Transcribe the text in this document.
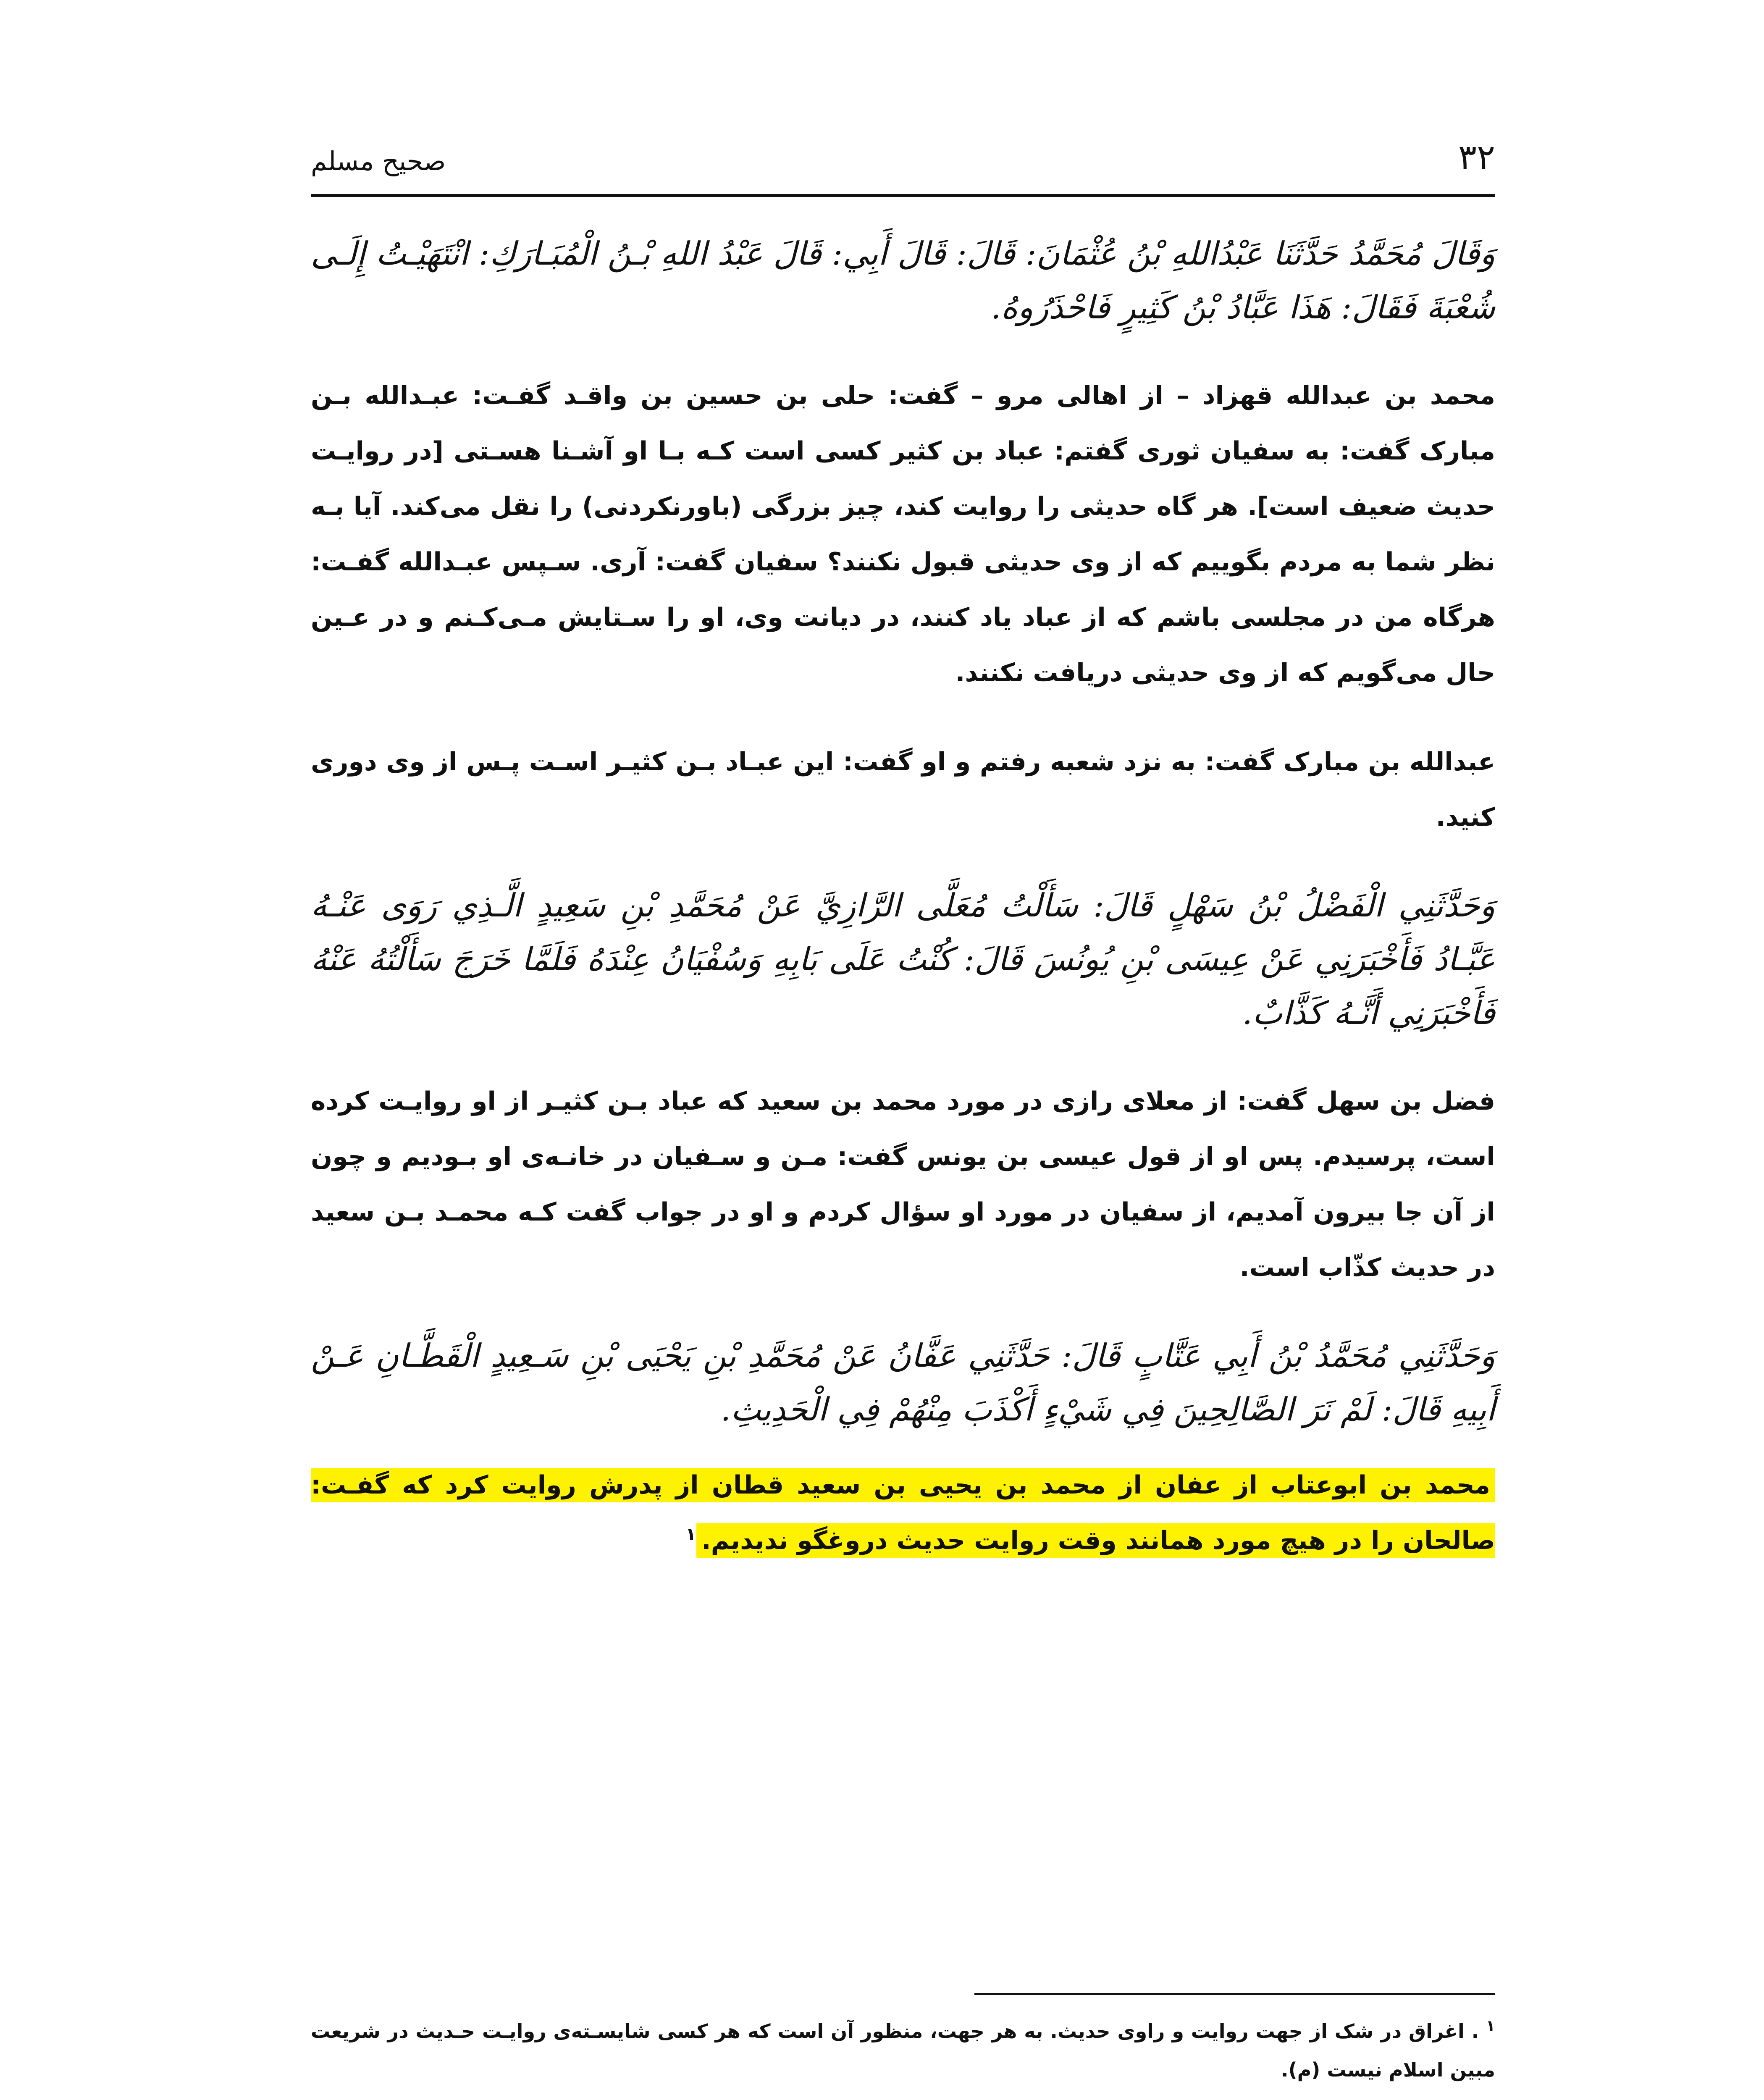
۳۲
صحیح مسلم

وَقَالَ مُحَمَّدُ حَدَّثَنَا عَبْدُاللهِ بْنُ عُثْمَانَ: قَالَ: قَالَ أَبِي: قَالَ عَبْدُ اللهِ بْـنُ الْمُبَـارَكِ: انْتَهَيْـتُ إِلَـى شُعْبَةَ فَقَالَ: هَذَا عَبَّادُ بْنُ كَثِيرٍ فَاحْذَرُوهُ.

محمد بن عبدالله قهزاد – از اهالی مرو – گفت: حلی بن حسین بن واقـد گفـت: عبـدالله بـن مبارک گفت: به سفیان ثوری گفتم: عباد بن کثیر کسی است کـه بـا او آشـنا هسـتی [در روایـت حدیث ضعیف است]. هر گاه حدیثی را روایت کند، چیز بزرگی (باورنکردنی) را نقل می‌کند. آیا بـه نظر شما به مردم بگوییم که از وی حدیثی قبول نکنند؟ سفیان گفت: آری. سـپس عبـدالله گفـت: هرگاه من در مجلسی باشم که از عباد یاد کنند، در دیانت وی، او را سـتایش مـی‌کـنم و در عـین حال می‌گویم که از وی حدیثی دریافت نکنند.

عبدالله بن مبارک گفت: به نزد شعبه رفتم و او گفت: این عبـاد بـن کثیـر اسـت پـس از وی دوری کنید.

وَحَدَّثَنِي الْفَضْلُ بْنُ سَهْلٍ قَالَ: سَأَلْتُ مُعَلَّى الرَّازِيَّ عَنْ مُحَمَّدِ بْنِ سَعِيدٍ الَّـذِي رَوَى عَنْـهُ عَبَّـادُ فَأَخْبَرَنِي عَنْ عِيسَى بْنِ يُونُسَ قَالَ: كُنْتُ عَلَى بَابِهِ وَسُفْيَانُ عِنْدَهُ فَلَمَّا خَرَجَ سَأَلْتُهُ عَنْهُ فَأَخْبَرَنِي أَنَّـهُ كَذَّابٌ.

فضل بن سهل گفت: از معلای رازی در مورد محمد بن سعید که عباد بـن کثیـر از او روایـت کرده است، پرسیدم. پس او از قول عیسی بن یونس گفت: مـن و سـفیان در خانـه‌ی او بـودیم و چون از آن جا بیرون آمدیم، از سفیان در مورد او سؤال کردم و او در جواب گفت کـه محمـد بـن سعید در حدیث کذّاب است.

وَحَدَّثَنِي مُحَمَّدُ بْنُ أَبِي عَتَّابٍ قَالَ: حَدَّثَنِي عَفَّانُ عَنْ مُحَمَّدِ بْنِ يَحْيَى بْنِ سَـعِيدٍ الْقَطَّـانِ عَـنْ أَبِيهِ قَالَ: لَمْ نَرَ الصَّالِحِينَ فِي شَيْءٍ أَكْذَبَ مِنْهُمْ فِي الْحَدِيثِ.

محمد بن ابوعتاب از عفان از محمد بن یحیی بن سعید قطان از پدرش روایت کرد که گفـت: صالحان را در هیچ مورد همانند وقت روایت حدیث دروغگو ندیدیم.$^۱$

$^۱$ . اغراق در شک از جهت روایت و راوی حدیث. به هر جهت، منظور آن است که هر کسی شایسـته‌ی روایـت حـدیث در شریعت مبین اسلام نیست (م).
